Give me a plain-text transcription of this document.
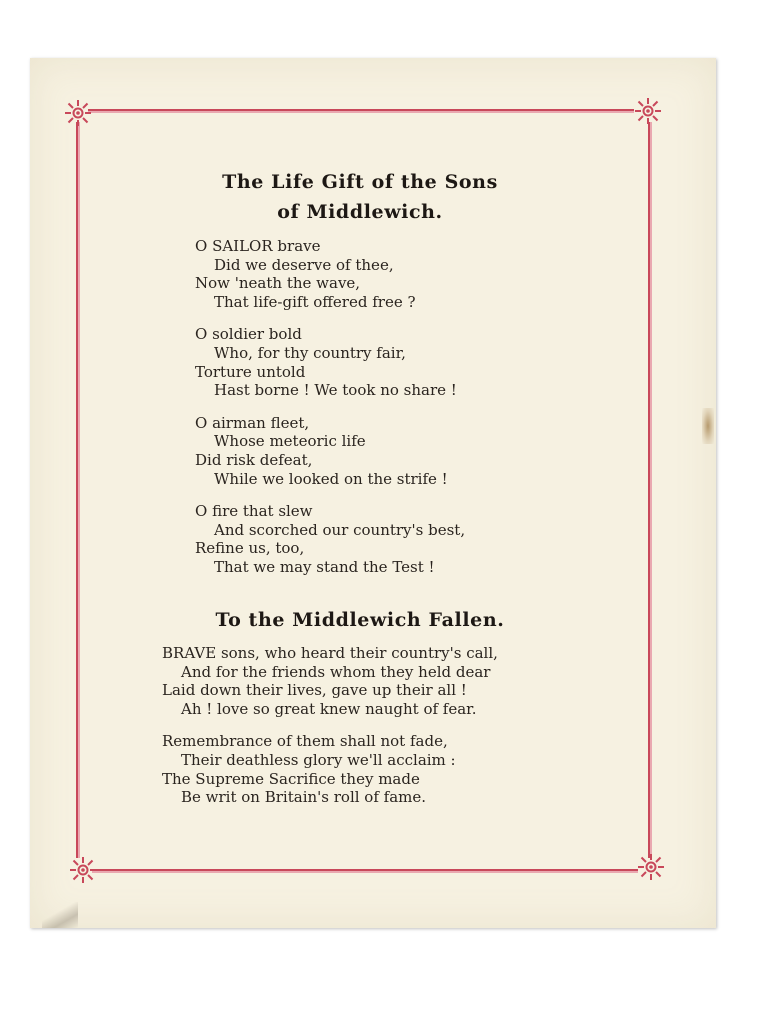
The Life Gift of the Sons
of Middlewich.
O SAILOR brave
Did we deserve of thee,
Now 'neath the wave,
That life-gift offered free ?
O soldier bold
Who, for thy country fair,
Torture untold
Hast borne ! We took no share !
O airman fleet,
Whose meteoric life
Did risk defeat,
While we looked on the strife !
O fire that slew
And scorched our country's best,
Refine us, too,
That we may stand the Test !
To the Middlewich Fallen.
BRAVE sons, who heard their country's call,
And for the friends whom they held dear
Laid down their lives, gave up their all !
Ah ! love so great knew naught of fear.
Remembrance of them shall not fade,
Their deathless glory we'll acclaim :
The Supreme Sacrifice they made
Be writ on Britain's roll of fame.
